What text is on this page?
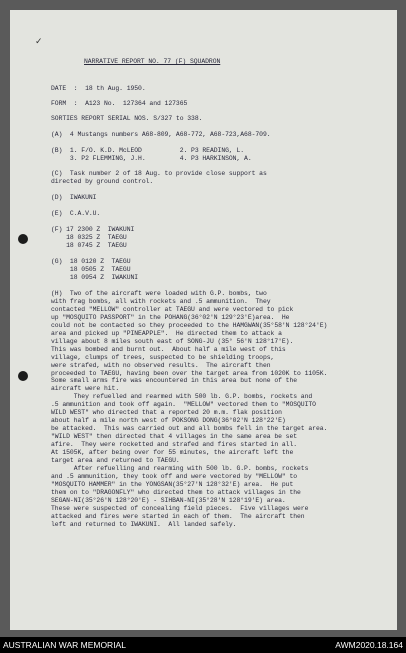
✓
NARRATIVE REPORT NO. 77 (F) SQUADRON
DATE  :  18 th Aug. 1950.
FORM  :  A123 No.  127364 and 127365
SORTIES REPORT SERIAL NOS. S/327 to 338.
(A)  4 Mustangs numbers A68-809, A68-772, A68-723,A68-709.
(B)  1. F/O. K.D. McLEOD          2. P3 READING, L.
3. P2 FLEMMING, J.H.         4. P3 HARKINSON, A.
(C)  Task number 2 of 18 Aug. to provide close support as
directed by ground control.
(D)  IWAKUNI
(E)  C.A.V.U.
(F) 17 2300 Z  IWAKUNI
18 0325 Z  TAEGU
18 0745 Z  TAEGU
(G)  18 0120 Z  TAEGU
18 0505 Z  TAEGU
18 0954 Z  IWAKUNI
(H)  Two of the aircraft were loaded with G.P. bombs, two
with frag bombs, all with rockets and .5 ammunition.  They
contacted "MELLOW" controller at TAEGU and were vectored to pick
up "MOSQUITO PASSPORT" in the POHANG(36°02'N 129°23'E)area.  He
could not be contacted so they proceeded to the HAMGWAN(35°58'N 128°24'E)
area and picked up "PINEAPPLE".  He directed them to attack a
village about 8 miles south east of SONG-JU (35° 56'N 128°17'E).
This was bombed and burnt out.  About half a mile west of this
village, clumps of trees, suspected to be shielding troops,
were strafed, with no observed results.  The aircraft then
proceeded to TAEGU, having been over the target area from 1020K to 1105K.
Some small arms fire was encountered in this area but none of the
aircraft were hit.
They refuelled and rearmed with 500 lb. G.P. bombs, rockets and
.5 ammunition and took off again.  "MELLOW" vectored them to "MOSQUITO
WILD WEST" who directed that a reported 20 m.m. flak position
about half a mile north west of POKSONG DONG(36°02'N 128°22'E)
be attacked.  This was carried out and all bombs fell in the target area.
"WILD WEST" then directed that 4 villages in the same area be set
afire.  They were rocketted and strafed and fires started in all.
At 1505K, after being over for 55 minutes, the aircraft left the
target area and returned to TAEGU.
After refuelling and rearming with 500 lb. G.P. bombs, rockets
and .5 ammunition, they took off and were vectored by "MELLOW" to
"MOSQUITO HAMMER" in the YONGSAN(35°27'N 128°32'E) area.  He put
them on to "DRAGONFLY" who directed them to attack villages in the
SEGAN-NI(35°26'N 128°20'E) - SIHBAN-NI(35°28'N 128°19'E) area.
These were suspected of concealing field pieces.  Five villages were
attacked and fires were started in each of them.  The aircraft then
left and returned to IWAKUNI.  All landed safely.
AUSTRALIAN WAR MEMORIAL	AWM2020.18.164
